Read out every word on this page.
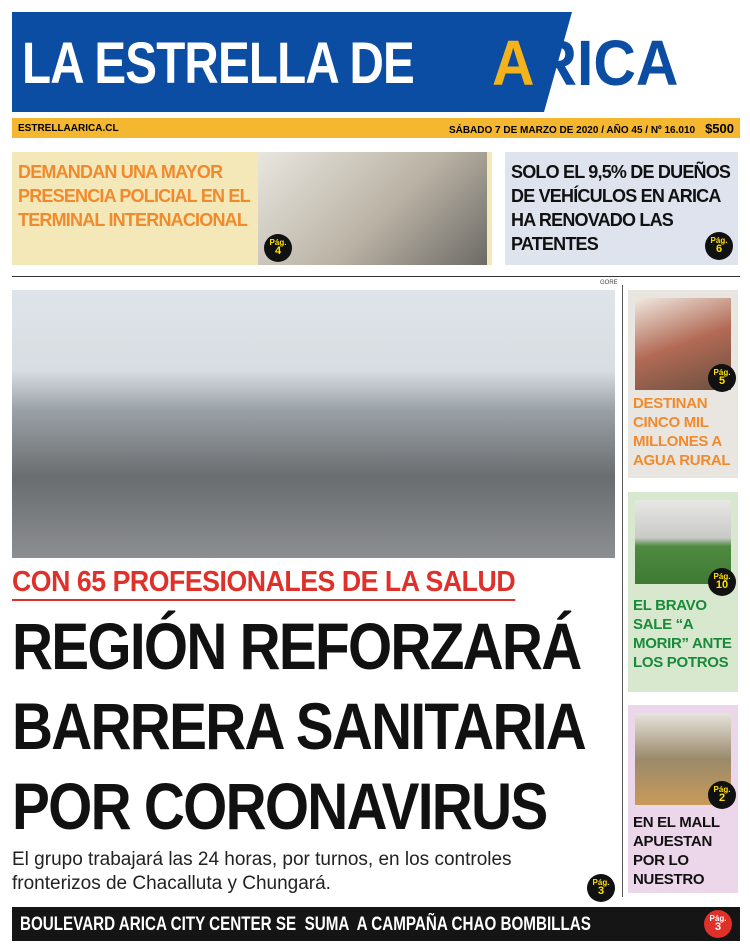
LA ESTRELLA DE ARICA
ESTRELLAARICA.CL	SÁBADO 7 DE MARZO DE 2020 / AÑO 45 / Nº 16.010 $500
DEMANDAN UNA MAYOR PRESENCIA POLICIAL EN EL TERMINAL INTERNACIONAL
Pág.
4
SOLO EL 9,5% DE DUEÑOS DE VEHÍCULOS EN ARICA HA RENOVADO LAS PATENTES	Pág.
6
GORE
CON 65 PROFESIONALES DE LA SALUD
REGIÓN REFORZARÁ
BARRERA SANITARIA
POR CORONAVIRUS
El grupo trabajará las 24 horas, por turnos, en los controles fronterizos de Chacalluta y Chungará.	Pág.
3
Pág.
5
DESTINAN CINCO MIL MILLONES A AGUA RURAL
Pág.
10
EL BRAVO SALE “A MORIR” ANTE LOS POTROS
Pág.
2
EN EL MALL APUESTAN POR LO NUESTRO
BOULEVARD ARICA CITY CENTER SE  SUMA  A CAMPAÑA CHAO BOMBILLAS	Pág.
3
